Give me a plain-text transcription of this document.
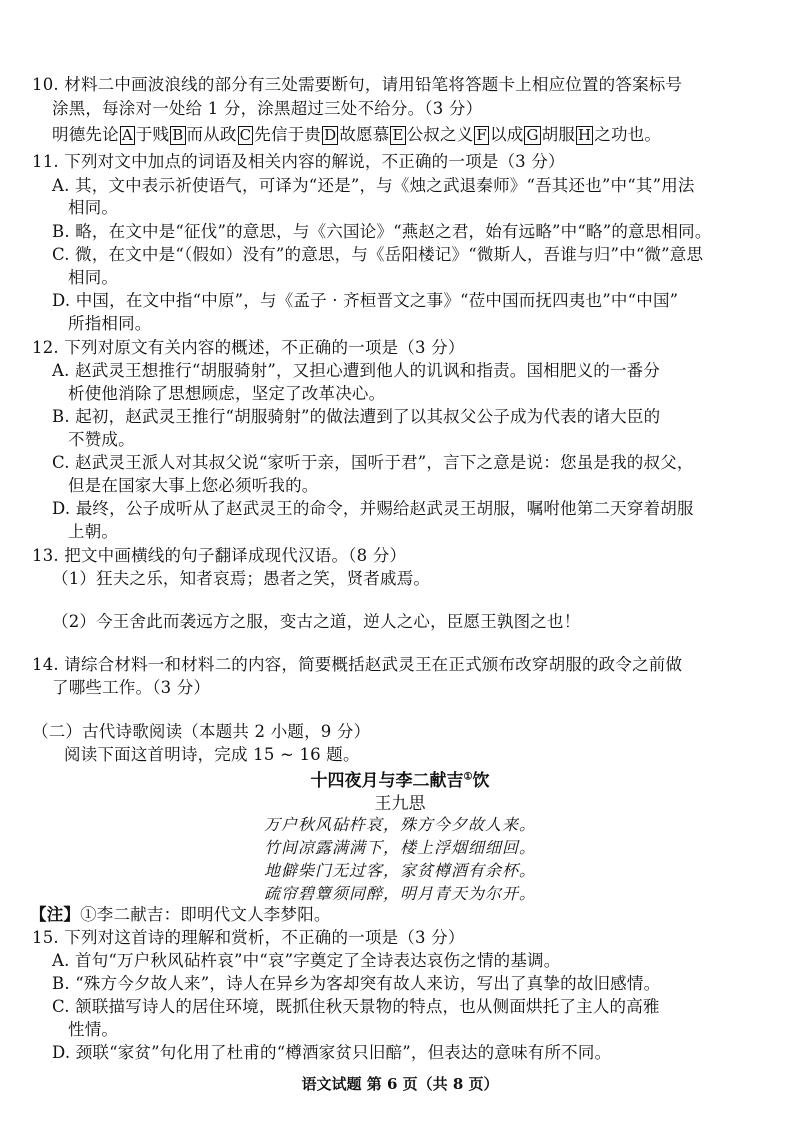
10. 材料二中画波浪线的部分有三处需要断句，请用铅笔将答题卡上相应位置的答案标号
涂黑，每涂对一处给 1 分，涂黑超过三处不给分。（3 分）
明德先论 A 于贱 B 而从政 C 先信于贵 D 故愿慕 E 公叔之义 F 以成 G 胡服 H 之功也。
11. 下列对文中加点的词语及相关内容的解说，不正确的一项是（3 分）
A. 其，文中表示祈使语气，可译为“还是”，与《烛之武退秦师》“吾其还也”中“其”用法
相同。
B. 略，在文中是“征伐”的意思，与《六国论》“燕赵之君，始有远略”中“略”的意思相同。
C. 微，在文中是“（假如）没有”的意思，与《岳阳楼记》“微斯人，吾谁与归”中“微”意思
相同。
D. 中国，在文中指“中原”，与《孟子 · 齐桓晋文之事》“莅中国而抚四夷也”中“中国”
所指相同。
12. 下列对原文有关内容的概述，不正确的一项是（3 分）
A. 赵武灵王想推行“胡服骑射”，又担心遭到他人的讥讽和指责。国相肥义的一番分
析使他消除了思想顾虑，坚定了改革决心。
B. 起初，赵武灵王推行“胡服骑射”的做法遭到了以其叔父公子成为代表的诸大臣的
不赞成。
C. 赵武灵王派人对其叔父说“家听于亲，国听于君”，言下之意是说：您虽是我的叔父，
但是在国家大事上您必须听我的。
D. 最终，公子成听从了赵武灵王的命令，并赐给赵武灵王胡服，嘱咐他第二天穿着胡服
上朝。
13. 把文中画横线的句子翻译成现代汉语。（8 分）
（1）狂夫之乐，知者哀焉；愚者之笑，贤者戚焉。
（2）今王舍此而袭远方之服，变古之道，逆人之心，臣愿王孰图之也！
14. 请综合材料一和材料二的内容，简要概括赵武灵王在正式颁布改穿胡服的政令之前做
了哪些工作。（3 分）
（二）古代诗歌阅读（本题共 2 小题，9 分）
阅读下面这首明诗，完成 15 ~ 16 题。
十四夜月与李二献吉①饮
王九思
万户秋风砧杵哀，殊方今夕故人来。
竹间凉露满满下，楼上浮烟细细回。
地僻柴门无过客，家贫樽酒有余杯。
疏帘碧簟须同醉，明月青天为尔开。
【注】①李二献吉：即明代文人李梦阳。
15. 下列对这首诗的理解和赏析，不正确的一项是（3 分）
A. 首句“万户秋风砧杵哀”中“哀”字奠定了全诗表达哀伤之情的基调。
B. “殊方今夕故人来”，诗人在异乡为客却突有故人来访，写出了真挚的故旧感情。
C. 颔联描写诗人的居住环境，既抓住秋天景物的特点，也从侧面烘托了主人的高雅
性情。
D. 颈联“家贫”句化用了杜甫的“樽酒家贫只旧醅”，但表达的意味有所不同。
语文试题 第 6 页（共 8 页）
